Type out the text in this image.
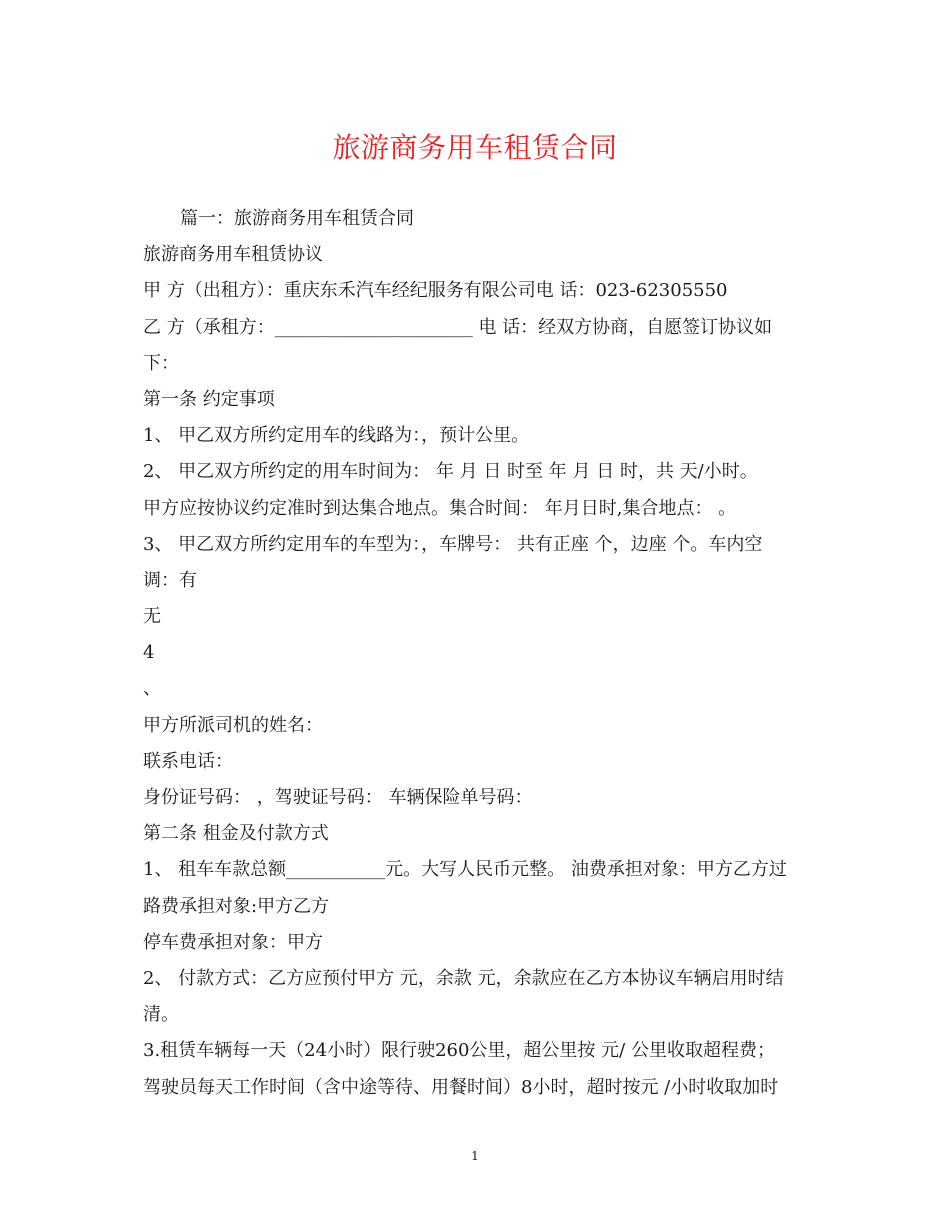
旅游商务用车租赁合同
篇一：旅游商务用车租赁合同
旅游商务用车租赁协议
甲 方（出租方）：重庆东禾汽车经纪服务有限公司电 话：023-62305550
乙 方（承租方：______________________ 电 话：经双方协商，自愿签订协议如
下：
第一条 约定事项
1、 甲乙双方所约定用车的线路为：，预计公里。
2、 甲乙双方所约定的用车时间为： 年 月 日 时至 年 月 日 时，共 天/小时。
甲方应按协议约定准时到达集合地点。集合时间： 年月日时,集合地点： 。
3、 甲乙双方所约定用车的车型为：，车牌号： 共有正座 个，边座 个。车内空
调：有
无
4
、
甲方所派司机的姓名：
联系电话：
身份证号码： ，驾驶证号码： 车辆保险单号码：
第二条 租金及付款方式
1、 租车车款总额___________元。大写人民币元整。 油费承担对象：甲方乙方过
路费承担对象:甲方乙方
停车费承担对象：甲方
2、 付款方式：乙方应预付甲方 元，余款 元，余款应在乙方本协议车辆启用时结
清。
3.租赁车辆每一天（24小时）限行驶260公里，超公里按 元/ 公里收取超程费；
驾驶员每天工作时间（含中途等待、用餐时间）8小时，超时按元 /小时收取加时
1
